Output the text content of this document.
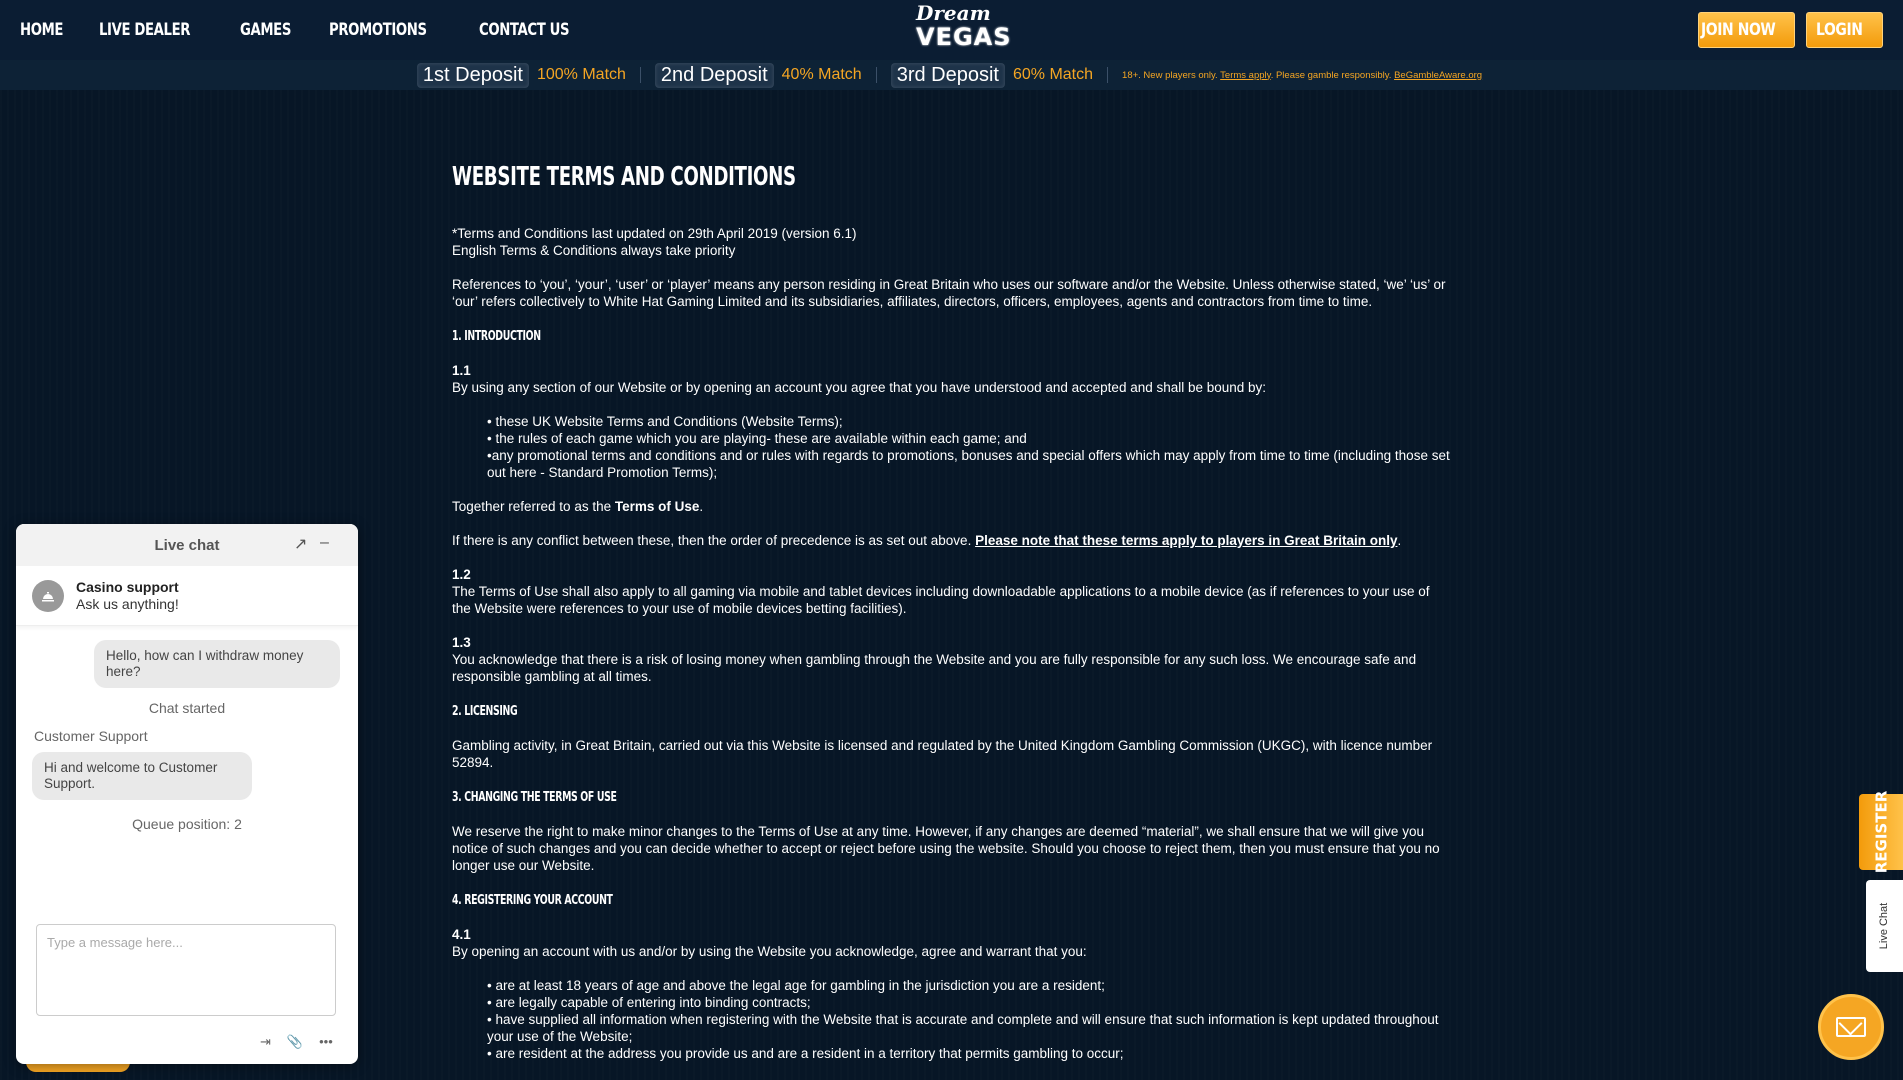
HOME	LIVE DEALER	GAMES	PROMOTIONS	CONTACT US
Dream
VEGAS	JOIN NOW LOGIN
1st Deposit 100% Match	2nd Deposit 40% Match	3rd Deposit 60% Match	18+. New players only. Terms apply. Please gamble responsibly. BeGambleAware.org
WEBSITE TERMS AND CONDITIONS

*Terms and Conditions last updated on 29th April 2019 (version 6.1)
English Terms & Conditions always take priority

References to ‘you’, ‘your’, ‘user’ or ‘player’ means any person residing in Great Britain who uses our software and/or the Website. Unless otherwise stated, ‘we’ ‘us’ or ‘our’ refers collectively to White Hat Gaming Limited and its subsidiaries, affiliates, directors, officers, employees, agents and contractors from time to time.

1. INTRODUCTION

1.1
By using any section of our Website or by opening an account you agree that you have understood and accepted and shall be bound by:

• these UK Website Terms and Conditions (Website Terms);
• the rules of each game which you are playing- these are available within each game; and
•any promotional terms and conditions and or rules with regards to promotions, bonuses and special offers which may apply from time to time (including those set out here - Standard Promotion Terms);

Together referred to as the Terms of Use.

If there is any conflict between these, then the order of precedence is as set out above. Please note that these terms apply to players in Great Britain only.

1.2
The Terms of Use shall also apply to all gaming via mobile and tablet devices including downloadable applications to a mobile device (as if references to your use of the Website were references to your use of mobile devices betting facilities).

1.3
You acknowledge that there is a risk of losing money when gambling through the Website and you are fully responsible for any such loss. We encourage safe and responsible gambling at all times.

2. LICENSING

Gambling activity, in Great Britain, carried out via this Website is licensed and regulated by the United Kingdom Gambling Commission (UKGC), with licence number 52894.

3. CHANGING THE TERMS OF USE

We reserve the right to make minor changes to the Terms of Use at any time. However, if any changes are deemed “material”, we shall ensure that we will give you notice of such changes and you can decide whether to accept or reject before using the website. Should you choose to reject them, then you must ensure that you no longer use our Website.

4. REGISTERING YOUR ACCOUNT

4.1
By opening an account with us and/or by using the Website you acknowledge, agree and warrant that you:

• are at least 18 years of age and above the legal age for gambling in the jurisdiction you are a resident;
• are legally capable of entering into binding contracts;
• have supplied all information when registering with the Website that is accurate and complete and will ensure that such information is kept updated throughout your use of the Website;
• are resident at the address you provide us and are a resident in a territory that permits gambling to occur;
Live chat	↗ –
Casino support
Ask us anything!
Hello, how can I withdraw money here?
Chat started
Customer Support
Hi and welcome to Customer Support.
Queue position: 2
Type a message here...
⇥ 📎 •••
REGISTER
Live Chat
